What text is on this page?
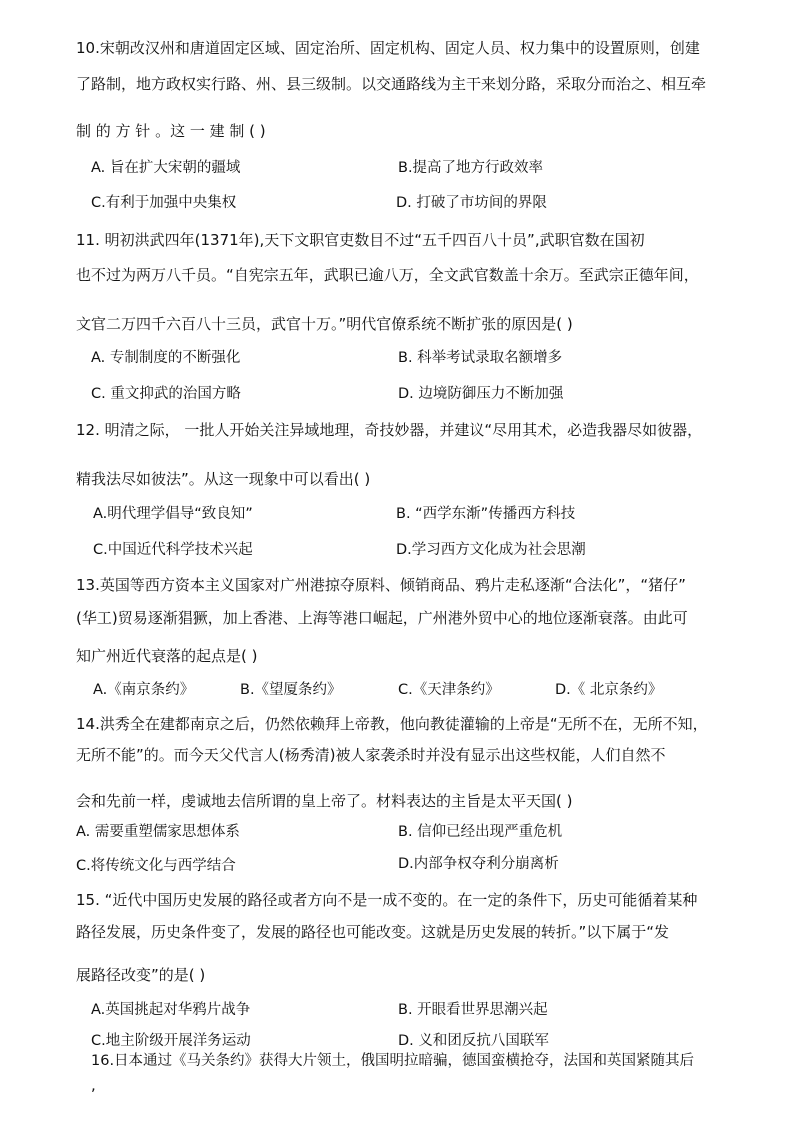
10.宋朝改汉州和唐道固定区域、固定治所、固定机构、固定人员、权力集中的设置原则，创建
了路制，地方政权实行路、州、县三级制。以交通路线为主干来划分路，采取分而治之、相互牵
制 的 方 针 。这 一 建 制 ( )
A. 旨在扩大宋朝的疆域	B.提高了地方行政效率
C.有利于加强中央集权	D. 打破了市坊间的界限
11. 明初洪武四年(1371年),天下文职官吏数目不过“五千四百八十员”,武职官数在国初
也不过为两万八千员。“自宪宗五年，武职已逾八万，全文武官数盖十余万。至武宗正德年间，
文官二万四千六百八十三员，武官十万。”明代官僚系统不断扩张的原因是( )
A. 专制制度的不断强化	B. 科举考试录取名额增多
C. 重文抑武的治国方略	D. 边境防御压力不断加强
12. 明清之际， 一批人开始关注异域地理，奇技妙器，并建议“尽用其术，必造我器尽如彼器，
精我法尽如彼法”。从这一现象中可以看出( )
A.明代理学倡导“致良知”	B. “西学东渐”传播西方科技
C.中国近代科学技术兴起	D.学习西方文化成为社会思潮
13.英国等西方资本主义国家对广州港掠夺原料、倾销商品、鸦片走私逐渐“合法化”，“猪仔”
(华工)贸易逐渐猖獗，加上香港、上海等港口崛起，广州港外贸中心的地位逐渐衰落。由此可
知广州近代衰落的起点是( )
A.《南京条约》	B.《望厦条约》	C.《天津条约》	D.《 北京条约》
14.洪秀全在建都南京之后，仍然依赖拜上帝教，他向教徒灌输的上帝是“无所不在，无所不知，
无所不能”的。而今天父代言人(杨秀清)被人家袭杀时并没有显示出这些权能，人们自然不
会和先前一样，虔诚地去信所谓的皇上帝了。材料表达的主旨是太平天国( )
A. 需要重塑儒家思想体系	B. 信仰已经出现严重危机
C.将传统文化与西学结合	D.内部争权夺利分崩离析
15. “近代中国历史发展的路径或者方向不是一成不变的。在一定的条件下，历史可能循着某种
路径发展，历史条件变了，发展的路径也可能改变。这就是历史发展的转折。”以下属于“发
展路径改变”的是( )
A.英国挑起对华鸦片战争	B. 开眼看世界思潮兴起
C.地主阶级开展洋务运动	D. 义和团反抗八国联军
16.日本通过《马关条约》获得大片领土，俄国明拉暗骗，德国蛮横抢夺，法国和英国紧随其后
,
